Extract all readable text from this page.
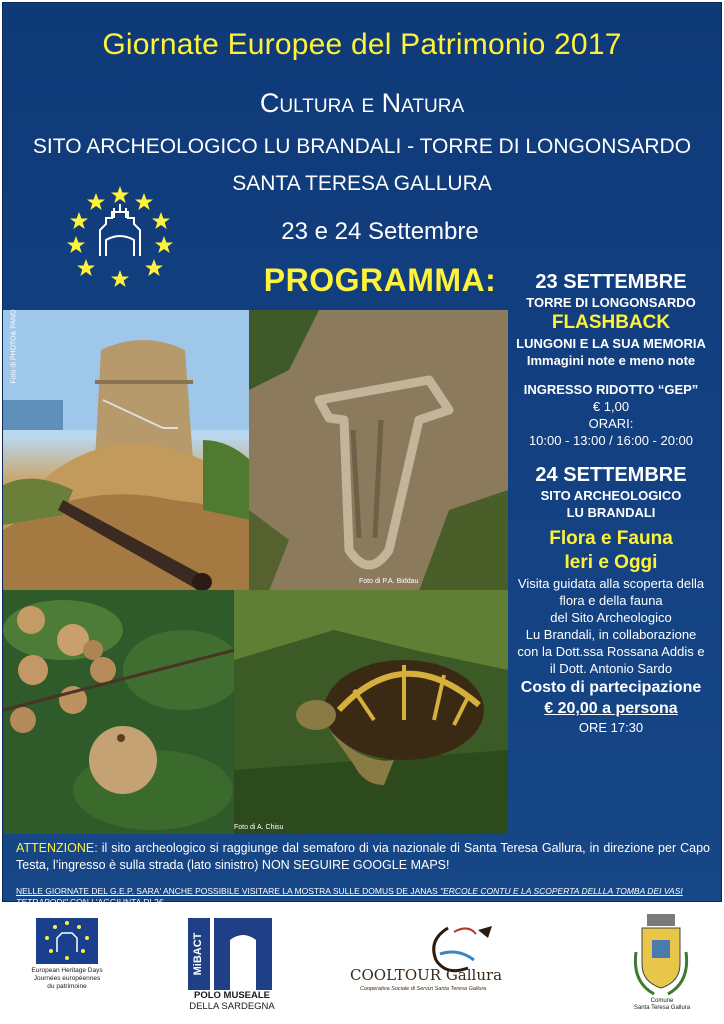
Giornate Europee del Patrimonio 2017
Cultura e Natura
SITO ARCHEOLOGICO LU BRANDALI - TORRE DI LONGONSARDO
SANTA TERESA GALLURA
23 e 24 Settembre
PROGRAMMA:	23 SETTEMBRE
TORRE DI LONGONSARDO
FLASHBACK
LUNGONI E LA SUA MEMORIA
Immagini note e meno note
INGRESSO RIDOTTO “GEP”
€ 1,00
ORARI:
10:00 - 13:00 / 16:00 - 20:00
24 SETTEMBRE
SITO ARCHEOLOGICO
LU BRANDALI
Flora e Fauna
Ieri e Oggi
Visita guidata alla scoperta della
flora e della fauna
del Sito Archeologico
Lu Brandali, in collaborazione
con la Dott.ssa Rossana Addis e
il Dott. Antonio Sardo
Costo di partecipazione
€ 20,00 a persona
ORE 17:30
Foto di PHOTO& PANO
Foto di P.A. Biddau
Foto di A. Chisu
ATTENZIONE: il sito archeologico si raggiunge dal semaforo di via nazionale di Santa Teresa Gallura, in direzione per Capo Testa, l’ingresso è sulla strada (lato sinistro) NON SEGUIRE GOOGLE MAPS!
NELLE GIORNATE DEL G.E.P. SARA' ANCHE POSSIBILE VISITARE LA MOSTRA SULLE DOMUS DE JANAS "ERCOLE CONTU E LA SCOPERTA DELLLA TOMBA DEI VASI TETRAPODI" CON L'AGGIUNTA DI 2€.
European Heritage Days
Journées européennes
du patrimoine
MiBACT
POLO MUSEALE
DELLA SARDEGNA
COOLTOUR Gallura
Cooperativa Sociale di Servizi Santa Teresa Gallura
Comune
Santa Teresa Gallura
